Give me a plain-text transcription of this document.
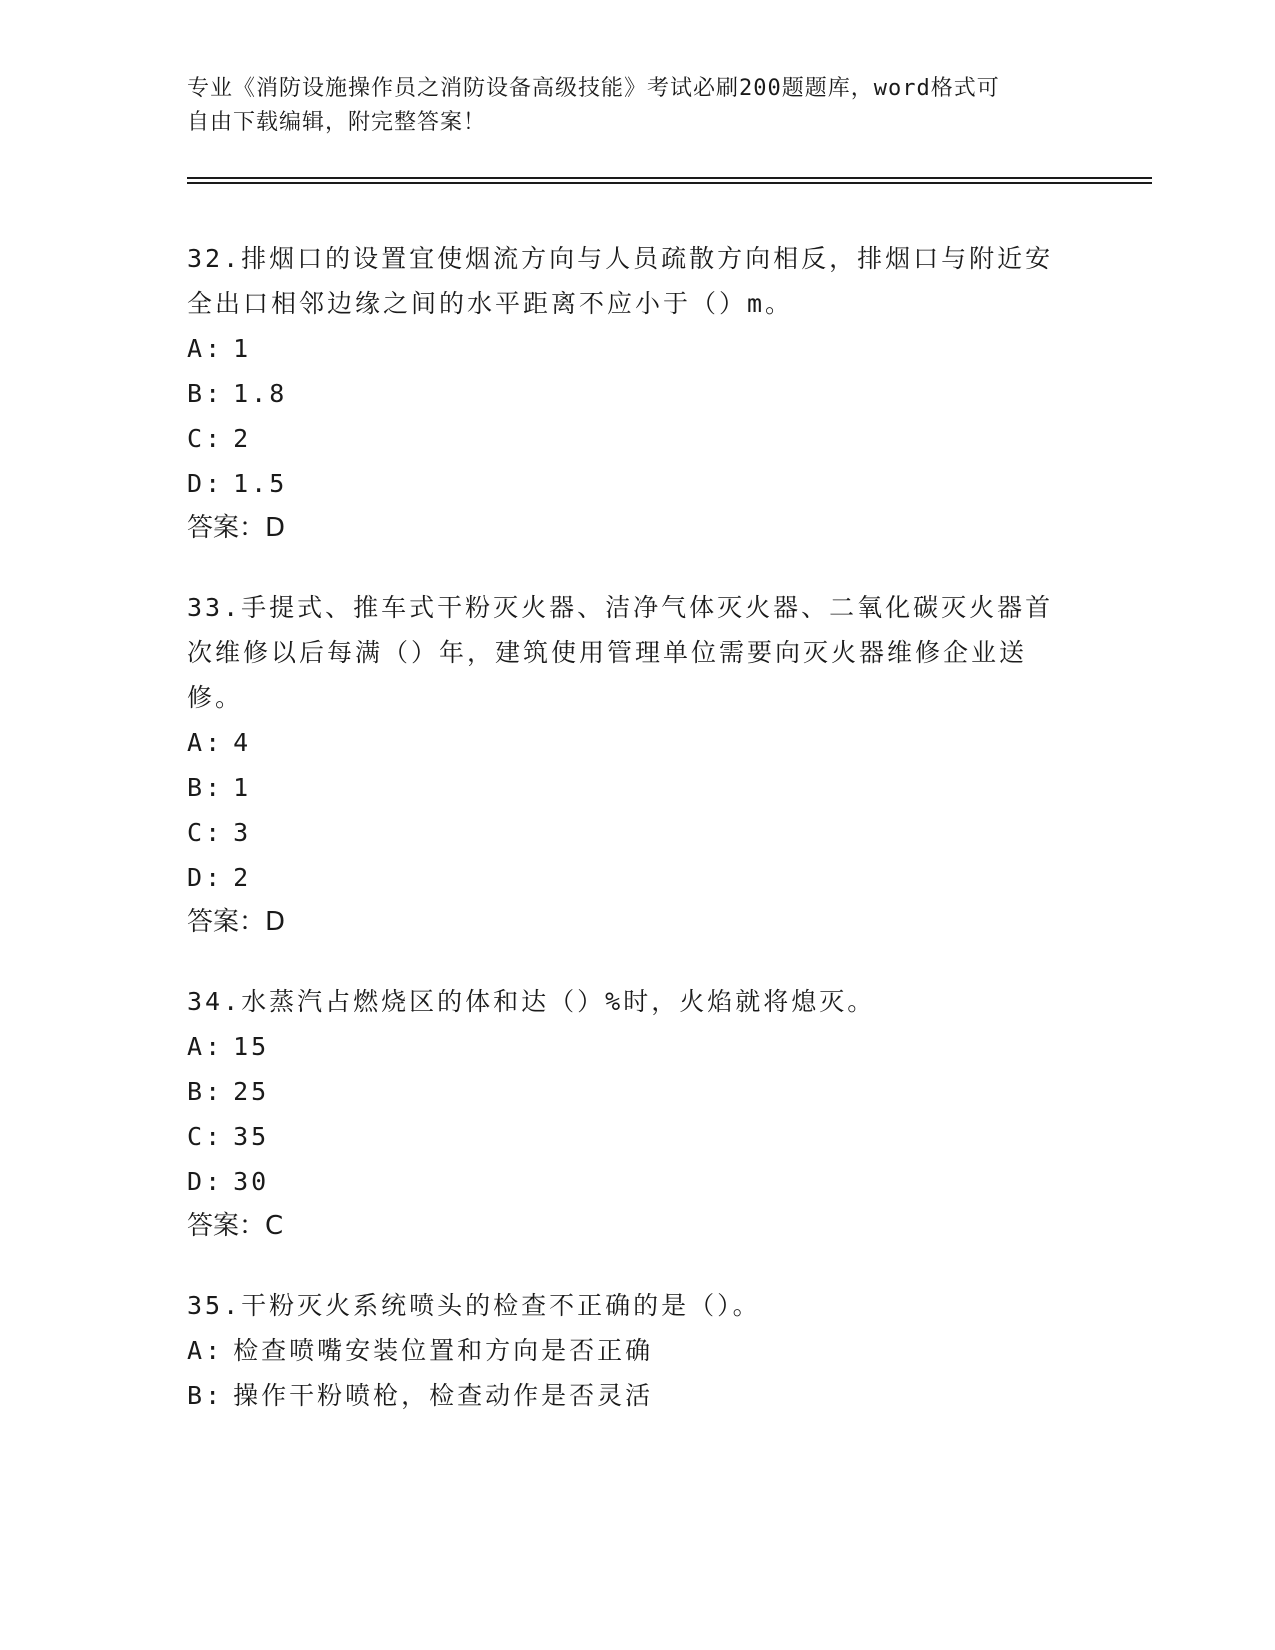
专业《消防设施操作员之消防设备高级技能》考试必刷200题题库，word格式可
自由下载编辑，附完整答案！

32.排烟口的设置宜使烟流方向与人员疏散方向相反，排烟口与附近安

全出口相邻边缘之间的水平距离不应小于（）m。

A: 1

B: 1.8

C: 2

D: 1.5

答案：D

33.手提式、推车式干粉灭火器、洁净气体灭火器、二氧化碳灭火器首

次维修以后每满（）年，建筑使用管理单位需要向灭火器维修企业送

修。

A: 4

B: 1

C: 3

D: 2

答案：D

34.水蒸汽占燃烧区的体和达（）%时，火焰就将熄灭。

A: 15

B: 25

C: 35

D: 30

答案：C

35.干粉灭火系统喷头的检查不正确的是（）。

A: 检查喷嘴安装位置和方向是否正确

B: 操作干粉喷枪，检查动作是否灵活
